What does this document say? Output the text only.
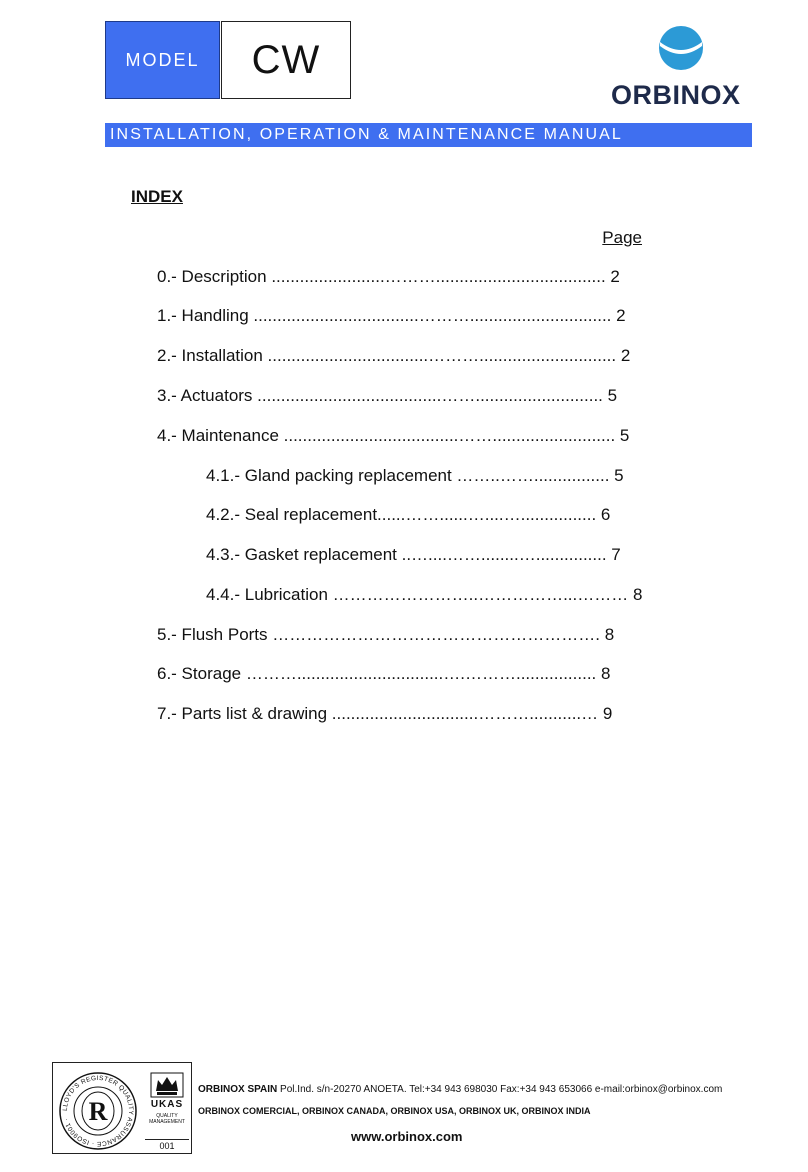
MODEL CW
ORBINOX
INSTALLATION, OPERATION & MAINTENANCE MANUAL
INDEX
Page
0.- Description ........................……….................................... 2
1.- Handling ...................................……….............................. 2
2.- Installation ..................................………............................. 2
3.- Actuators .......................................……........................... 5
4.- Maintenance .....................................…….......................... 5
4.1.- Gland packing replacement ……..……................ 5
4.2.- Seal replacement......……......…....…................ 6
4.3.- Gasket replacement ..…....……........…............... 7
4.4.- Lubrication ……………………..……………...……… 8
5.- Flush Ports …………………………………………………. 8
6.- Storage ………...............................….………................. 8
7.- Parts list & drawing ...............................………...........… 9
LLOYD'S REGISTER QUALITY ASSURANCE · ISO9001 · R	UKAS
QUALITY MANAGEMENT
001
ORBINOX SPAIN Pol.Ind. s/n-20270 ANOETA. Tel:+34 943 698030 Fax:+34 943 653066 e-mail:orbinox@orbinox.com
ORBINOX COMERCIAL, ORBINOX CANADA, ORBINOX USA, ORBINOX UK, ORBINOX INDIA
www.orbinox.com
